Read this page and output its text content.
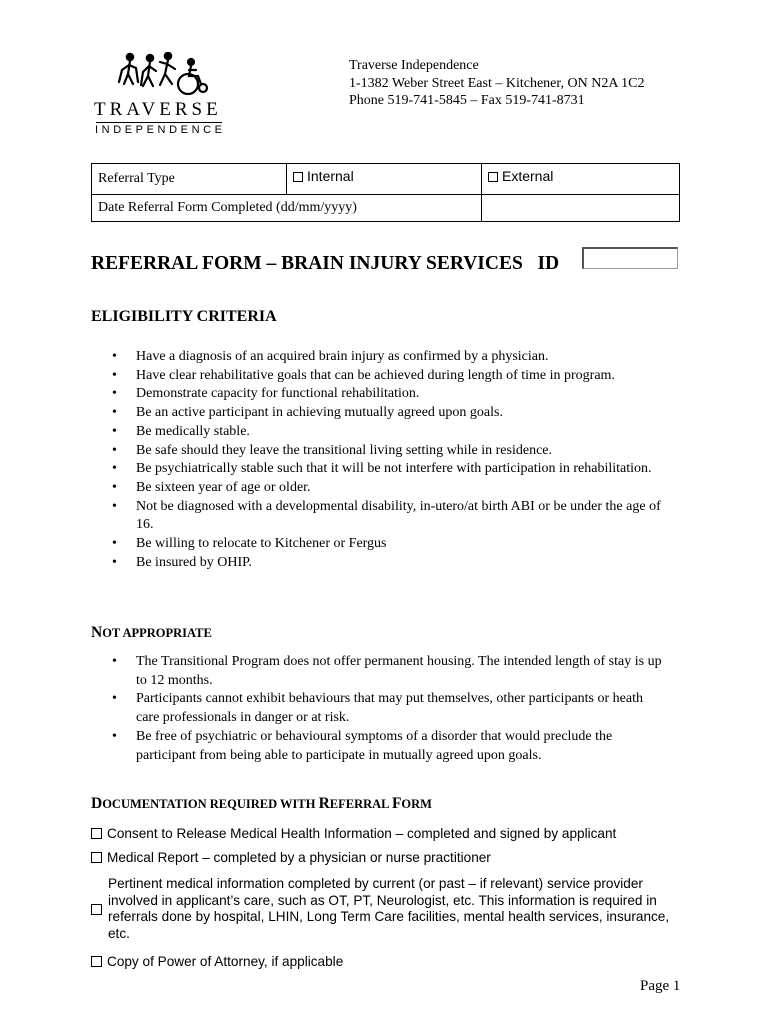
TRAVERSE
INDEPENDENCE
Traverse Independence
1-1382 Weber Street East – Kitchener, ON N2A 1C2
Phone 519-741-5845 – Fax 519-741-8731
Referral Type	Internal	External
Date Referral Form Completed (dd/mm/yyyy)		
REFERRAL FORM – BRAIN INJURY SERVICES   ID
ELIGIBILITY CRITERIA
• Have a diagnosis of an acquired brain injury as confirmed by a physician.
• Have clear rehabilitative goals that can be achieved during length of time in program.
• Demonstrate capacity for functional rehabilitation.
• Be an active participant in achieving mutually agreed upon goals.
• Be medically stable.
• Be safe should they leave the transitional living setting while in residence.
• Be psychiatrically stable such that it will be not interfere with participation in rehabilitation.
• Be sixteen year of age or older.
• Not be diagnosed with a developmental disability, in-utero/at birth ABI or be under the age of 16.
• Be willing to relocate to Kitchener or Fergus
• Be insured by OHIP.
NOT APPROPRIATE
• The Transitional Program does not offer permanent housing. The intended length of stay is up to 12 months.
• Participants cannot exhibit behaviours that may put themselves, other participants or heath care professionals in danger or at risk.
• Be free of psychiatric or behavioural symptoms of a disorder that would preclude the participant from being able to participate in mutually agreed upon goals.
DOCUMENTATION REQUIRED WITH REFERRAL FORM
Consent to Release Medical Health Information – completed and signed by applicant
Medical Report – completed by a physician or nurse practitioner
Pertinent medical information completed by current (or past – if relevant) service provider involved in applicant’s care, such as OT, PT, Neurologist, etc. This information is required in referrals done by hospital, LHIN, Long Term Care facilities, mental health services, insurance, etc.
Copy of Power of Attorney, if applicable
Page 1
